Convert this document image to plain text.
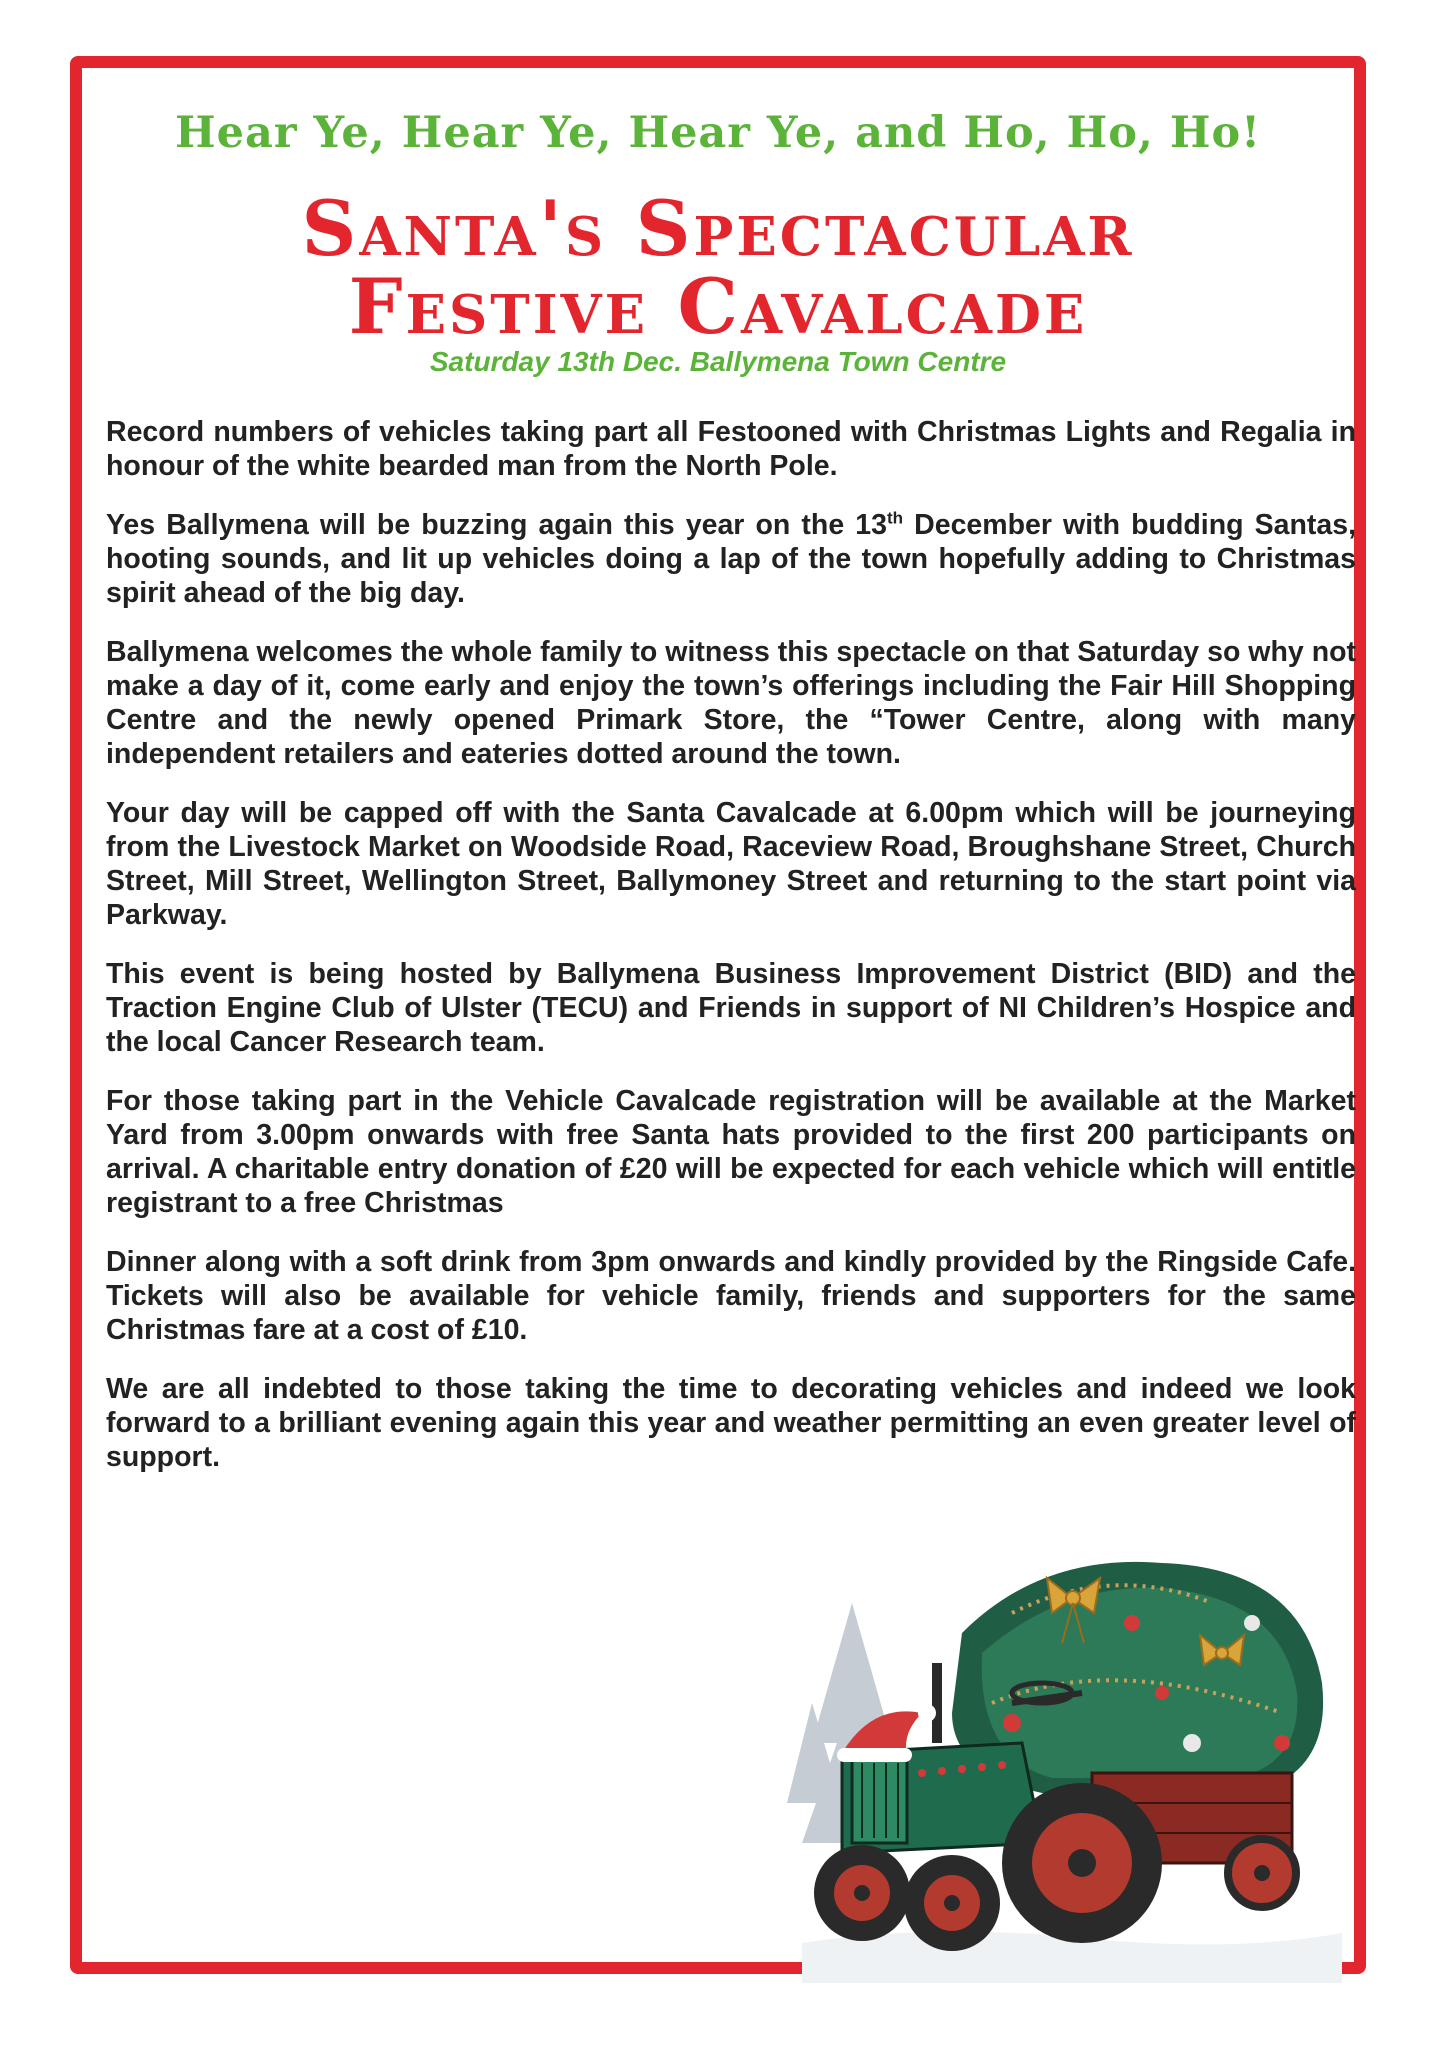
Hear Ye, Hear Ye, Hear Ye, and Ho, Ho, Ho!
Santa's Spectacular
Festive Cavalcade
Saturday 13th Dec. Ballymena Town Centre

Record numbers of vehicles taking part all Festooned with Christmas Lights and Regalia in honour of the white bearded man from the North Pole.

Yes Ballymena will be buzzing again this year on the 13th December with budding Santas, hooting sounds, and lit up vehicles doing a lap of the town hopefully adding to Christmas spirit ahead of the big day.

Ballymena welcomes the whole family to witness this spectacle on that Saturday so why not make a day of it, come early and enjoy the town’s offerings including the Fair Hill Shopping Centre and the newly opened Primark Store, the “Tower Centre, along with many independent retailers and eateries dotted around the town.

Your day will be capped off with the Santa Cavalcade at 6.00pm which will be journeying from the Livestock Market on Woodside Road, Raceview Road, Broughshane Street, Church Street, Mill Street, Wellington Street, Ballymoney Street and returning to the start point via Parkway.

This event is being hosted by Ballymena Business Improvement District (BID) and the Traction Engine Club of Ulster (TECU) and Friends in support of NI Children’s Hospice and the local Cancer Research team.

For those taking part in the Vehicle Cavalcade registration will be available at the Market Yard from 3.00pm onwards with free Santa hats provided to the first 200 participants on arrival. A charitable entry donation of £20 will be expected for each vehicle which will entitle registrant to a free Christmas

Dinner along with a soft drink from 3pm onwards and kindly provided by the Ringside Cafe. Tickets will also be available for vehicle family, friends and supporters for the same Christmas fare at a cost of £10.

We are all indebted to those taking the time to decorating vehicles and indeed we look forward to a brilliant evening again this year and weather permitting an even greater level of support.
